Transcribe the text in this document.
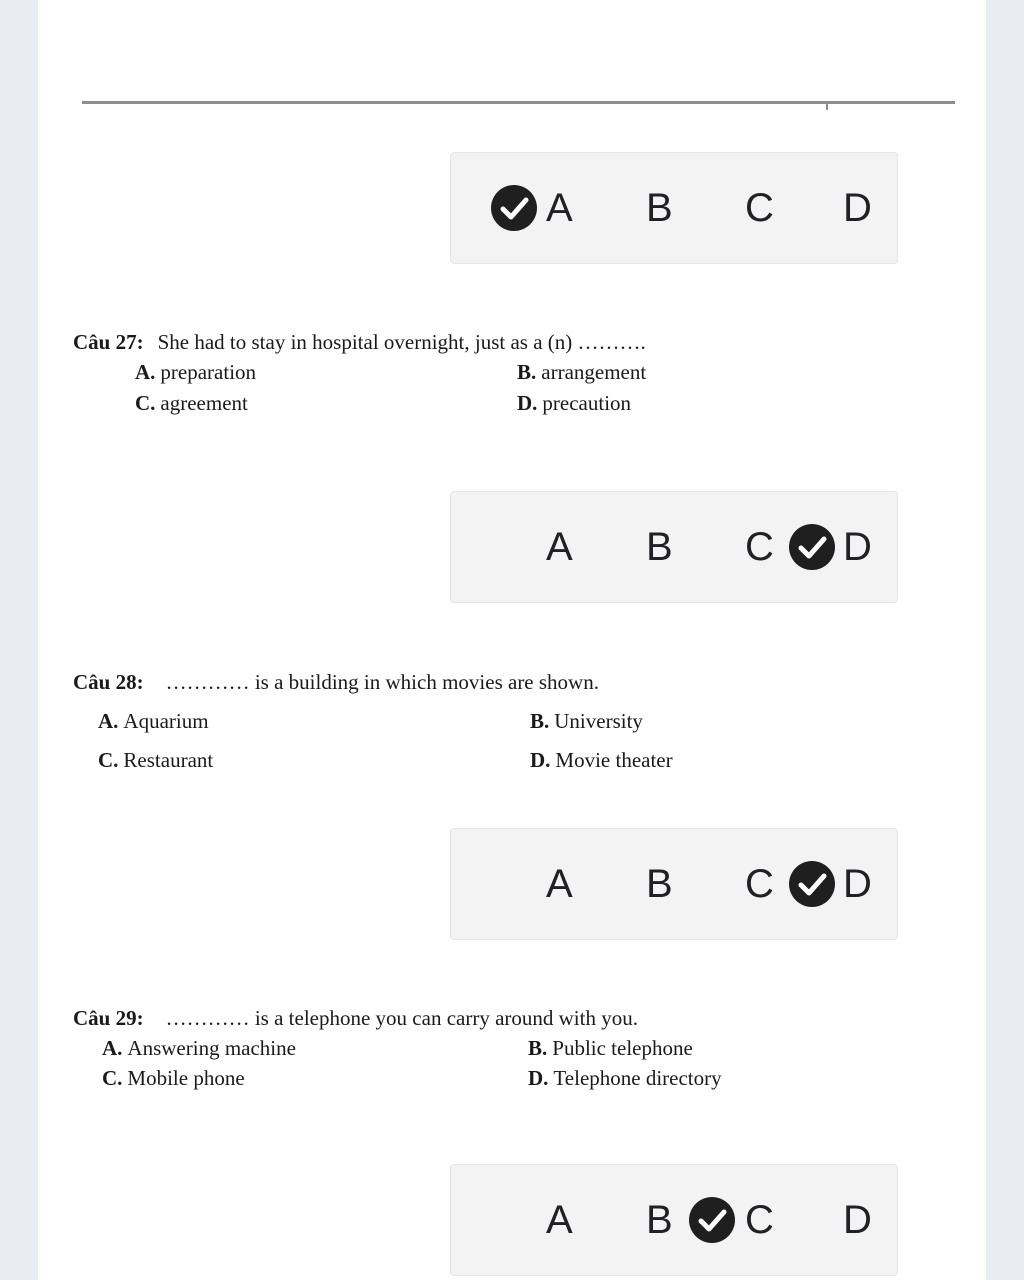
A B C D
Câu 27: She had to stay in hospital overnight, just as a (n) ……….
A. preparation	B. arrangement
C. agreement	D. precaution
A B C D
Câu 28: ………… is a building in which movies are shown.
A. Aquarium	B. University
C. Restaurant	D. Movie theater
A B C D
Câu 29: ………… is a telephone you can carry around with you.
A. Answering machine	B. Public telephone
C. Mobile phone	D. Telephone directory
A B C D
